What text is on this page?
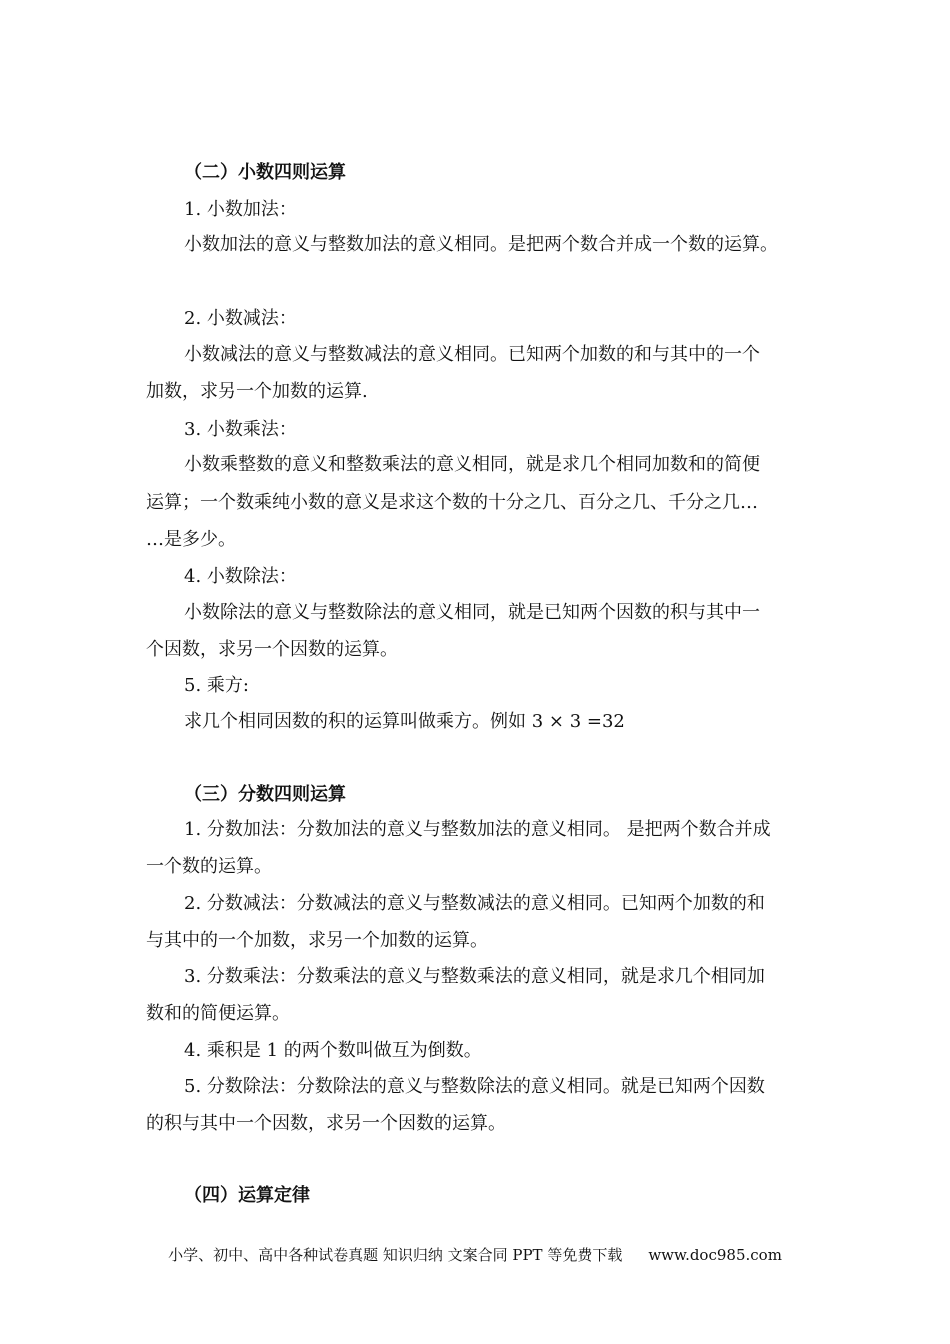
（二）小数四则运算
1. 小数加法：
小数加法的意义与整数加法的意义相同。是把两个数合并成一个数的运算。
2. 小数减法：
小数减法的意义与整数减法的意义相同。已知两个加数的和与其中的一个
加数，求另一个加数的运算.
3. 小数乘法：
小数乘整数的意义和整数乘法的意义相同，就是求几个相同加数和的简便
运算；一个数乘纯小数的意义是求这个数的十分之几、百分之几、千分之几…
…是多少。
4. 小数除法：
小数除法的意义与整数除法的意义相同，就是已知两个因数的积与其中一
个因数，求另一个因数的运算。
5. 乘方:
求几个相同因数的积的运算叫做乘方。例如 3 × 3 =32
（三）分数四则运算
1. 分数加法：分数加法的意义与整数加法的意义相同。 是把两个数合并成
一个数的运算。
2. 分数减法：分数减法的意义与整数减法的意义相同。已知两个加数的和
与其中的一个加数，求另一个加数的运算。
3. 分数乘法：分数乘法的意义与整数乘法的意义相同，就是求几个相同加
数和的简便运算。
4. 乘积是 1 的两个数叫做互为倒数。
5. 分数除法：分数除法的意义与整数除法的意义相同。就是已知两个因数
的积与其中一个因数，求另一个因数的运算。
（四）运算定律
小学、初中、高中各种试卷真题 知识归纳 文案合同 PPT 等免费下载 www.doc985.com
